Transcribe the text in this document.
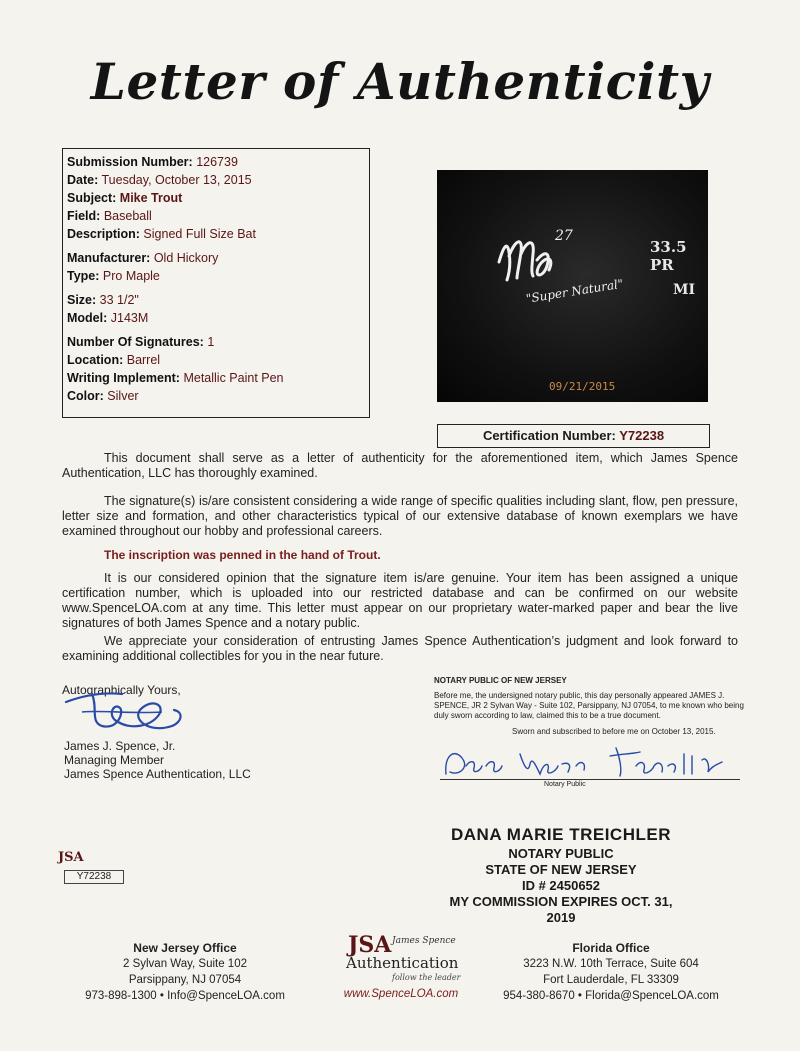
Letter of Authenticity
Submission Number: 126739
Date: Tuesday, October 13, 2015
Subject: Mike Trout
Field: Baseball
Description: Signed Full Size Bat
Manufacturer: Old Hickory
Type: Pro Maple
Size: 33 1/2"
Model: J143M
Number Of Signatures: 1
Location: Barrel
Writing Implement: Metallic Paint Pen
Color: Silver
27
33.5 PR
MI
"Super Natural"
09/21/2015
Certification Number: Y72238

This document shall serve as a letter of authenticity for the aforementioned item, which James Spence Authentication, LLC has thoroughly examined.

The signature(s) is/are consistent considering a wide range of specific qualities including slant, flow, pen pressure, letter size and formation, and other characteristics typical of our extensive database of known exemplars we have examined throughout our hobby and professional careers.

The inscription was penned in the hand of Trout.

It is our considered opinion that the signature item is/are genuine. Your item has been assigned a unique certification number, which is uploaded into our restricted database and can be confirmed on our website www.SpenceLOA.com at any time. This letter must appear on our proprietary water-marked paper and bear the live signatures of both James Spence and a notary public.

We appreciate your consideration of entrusting James Spence Authentication’s judgment and look forward to examining additional collectibles for you in the near future.

Autographically Yours,
James J. Spence, Jr.
Managing Member
James Spence Authentication, LLC
NOTARY PUBLIC OF NEW JERSEY
Before me, the undersigned notary public, this day personally appeared JAMES J. SPENCE, JR 2 Sylvan Way - Suite 102, Parsippany, NJ 07054, to me known who being duly sworn according to law, claimed this to be a true document.
Sworn and subscribed to before me on October 13, 2015.
Notary Public
DANA MARIE TREICHLER
NOTARY PUBLIC
STATE OF NEW JERSEY
ID # 2450652
MY COMMISSION EXPIRES OCT. 31, 2019
JSA
Y72238
New Jersey Office
2 Sylvan Way, Suite 102
Parsippany, NJ 07054
973-898-1300 • Info@SpenceLOA.com
JSA James Spence
Authentication
follow the leader
www.SpenceLOA.com
Florida Office
3223 N.W. 10th Terrace, Suite 604
Fort Lauderdale, FL 33309
954-380-8670 • Florida@SpenceLOA.com
